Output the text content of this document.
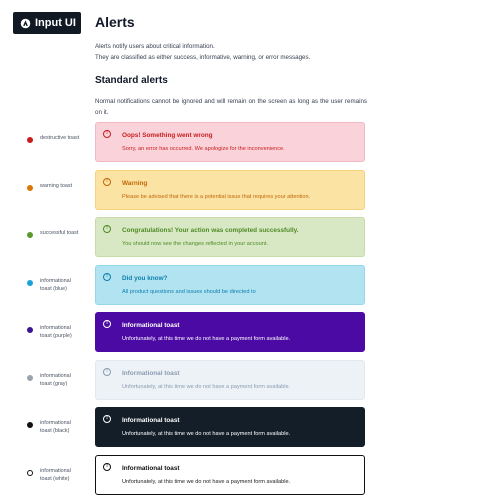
Input UI Alerts
Alerts notify users about critical information.
They are classified as either success, informative, warning, or error messages.
Standard alerts
Normal notifications cannot be ignored and will remain on the screen as long as the user remains on it.
destructive toast
!	Oops! Something went wrong
Sorry, an error has occurred. We apologize for the inconvenience.
warning toast
!	Warning
Please be advised that there is a potential issue that requires your attention.
successful toast
!	Congratulations! Your action was completed successfully.
You should now see the changes reflected in your account.
informational toast (blue)
!	Did you know?
All product questions and issues should be directed to
informational toast (purple)
!	Informational toast
Unfortunately, at this time we do not have a payment form available.
informational toast (gray)
!	Informational toast
Unfortunately, at this time we do not have a payment form available.
informational toast (black)
!	Informational toast
Unfortunately, at this time we do not have a payment form available.
informational toast (white)
!	Informational toast
Unfortunately, at this time we do not have a payment form available.
